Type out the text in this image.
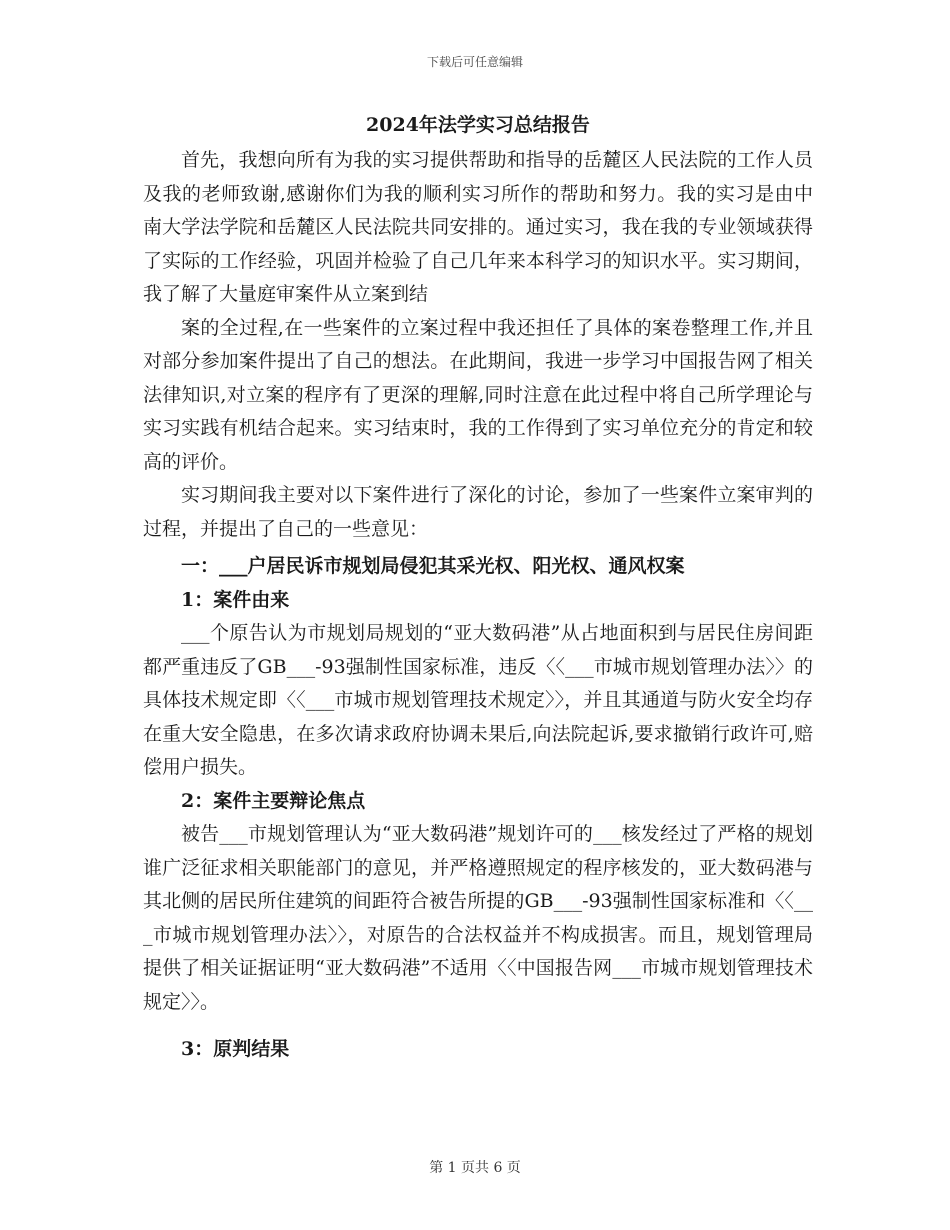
下载后可任意编辑

2024年法学实习总结报告

首先，我想向所有为我的实习提供帮助和指导的岳麓区人民法院的工作人员及我的老师致谢,感谢你们为我的顺利实习所作的帮助和努力。我的实习是由中南大学法学院和岳麓区人民法院共同安排的。通过实习，我在我的专业领域获得了实际的工作经验，巩固并检验了自己几年来本科学习的知识水平。实习期间，我了解了大量庭审案件从立案到结

案的全过程,在一些案件的立案过程中我还担任了具体的案卷整理工作,并且对部分参加案件提出了自己的想法。在此期间，我进一步学习中国报告网了相关法律知识,对立案的程序有了更深的理解,同时注意在此过程中将自己所学理论与实习实践有机结合起来。实习结束时，我的工作得到了实习单位充分的肯定和较高的评价。

实习期间我主要对以下案件进行了深化的讨论，参加了一些案件立案审判的过程，并提出了自己的一些意见：

一：___户居民诉市规划局侵犯其采光权、阳光权、通风权案

1：案件由来

___个原告认为市规划局规划的“亚大数码港”从占地面积到与居民住房间距都严重违反了GB___-93强制性国家标准，违反〈〈___市城市规划管理办法〉〉的具体技术规定即〈〈___市城市规划管理技术规定〉〉，并且其通道与防火安全均存在重大安全隐患，在多次请求政府协调未果后,向法院起诉,要求撤销行政许可,赔偿用户损失。

2：案件主要辩论焦点

被告___市规划管理认为“亚大数码港”规划许可的___核发经过了严格的规划谁广泛征求相关职能部门的意见，并严格遵照规定的程序核发的，亚大数码港与其北侧的居民所住建筑的间距符合被告所提的GB___-93强制性国家标准和〈〈___市城市规划管理办法〉〉，对原告的合法权益并不构成损害。而且，规划管理局提供了相关证据证明“亚大数码港”不适用〈〈中国报告网___市城市规划管理技术规定〉〉。

3：原判结果

第 1 页共 6 页
